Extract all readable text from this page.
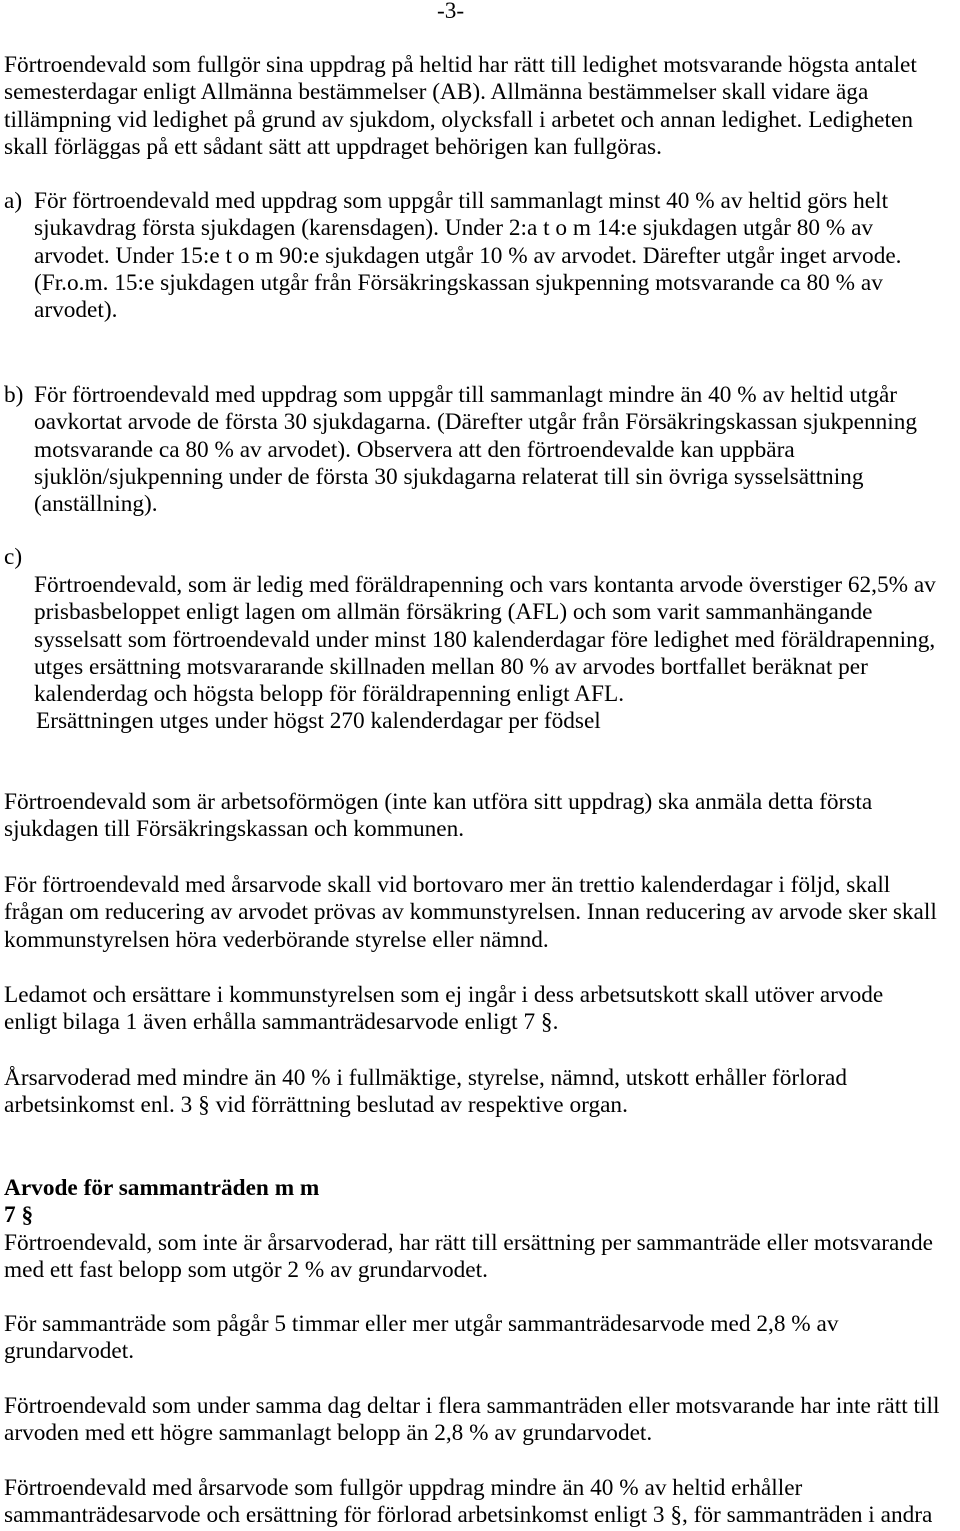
-3-
Förtroendevald som fullgör sina uppdrag på heltid har rätt till ledighet motsvarande högsta antalet
semesterdagar enligt Allmänna bestämmelser (AB). Allmänna bestämmelser skall vidare äga
tillämpning vid ledighet på grund av sjukdom, olycksfall i arbetet och annan ledighet. Ledigheten
skall förläggas på ett sådant sätt att uppdraget behörigen kan fullgöras.
a) För förtroendevald med uppdrag som uppgår till sammanlagt minst 40 % av heltid görs helt
sjukavdrag första sjukdagen (karensdagen). Under 2:a t o m 14:e sjukdagen utgår 80 % av
arvodet. Under 15:e t o m 90:e sjukdagen utgår 10 % av arvodet. Därefter utgår inget arvode.
(Fr.o.m. 15:e sjukdagen utgår från Försäkringskassan sjukpenning motsvarande ca 80 % av
arvodet).
b) För förtroendevald med uppdrag som uppgår till sammanlagt mindre än 40 % av heltid utgår
oavkortat arvode de första 30 sjukdagarna. (Därefter utgår från Försäkringskassan sjukpenning
motsvarande ca 80 % av arvodet). Observera att den förtroendevalde kan uppbära
sjuklön/sjukpenning under de första 30 sjukdagarna relaterat till sin övriga sysselsättning
(anställning).
c)
Förtroendevald, som är ledig med föräldrapenning och vars kontanta arvode överstiger 62,5% av
prisbasbeloppet enligt lagen om allmän försäkring (AFL) och som varit sammanhängande
sysselsatt som förtroendevald under minst 180 kalenderdagar före ledighet med föräldrapenning,
utges ersättning motsvararande skillnaden mellan 80 % av arvodes bortfallet beräknat per
kalenderdag och högsta belopp för föräldrapenning enligt AFL.
Ersättningen utges under högst 270 kalenderdagar per födsel
Förtroendevald som är arbetsoförmögen (inte kan utföra sitt uppdrag) ska anmäla detta första
sjukdagen till Försäkringskassan och kommunen.
För förtroendevald med årsarvode skall vid bortovaro mer än trettio kalenderdagar i följd, skall
frågan om reducering av arvodet prövas av kommunstyrelsen. Innan reducering av arvode sker skall
kommunstyrelsen höra vederbörande styrelse eller nämnd.
Ledamot och ersättare i kommunstyrelsen som ej ingår i dess arbetsutskott skall utöver arvode
enligt bilaga 1 även erhålla sammanträdesarvode enligt 7 §.
Årsarvoderad med mindre än 40 % i fullmäktige, styrelse, nämnd, utskott erhåller förlorad
arbetsinkomst enl. 3 § vid förrättning beslutad av respektive organ.
Arvode för sammanträden m m
7 §
Förtroendevald, som inte är årsarvoderad, har rätt till ersättning per sammanträde eller motsvarande
med ett fast belopp som utgör 2 % av grundarvodet.
För sammanträde som pågår 5 timmar eller mer utgår sammanträdesarvode med 2,8 % av
grundarvodet.
Förtroendevald som under samma dag deltar i flera sammanträden eller motsvarande har inte rätt till
arvoden med ett högre sammanlagt belopp än 2,8 % av grundarvodet.
Förtroendevald med årsarvode som fullgör uppdrag mindre än 40 % av heltid erhåller
sammanträdesarvode och ersättning för förlorad arbetsinkomst enligt 3 §, för sammanträden i andra
